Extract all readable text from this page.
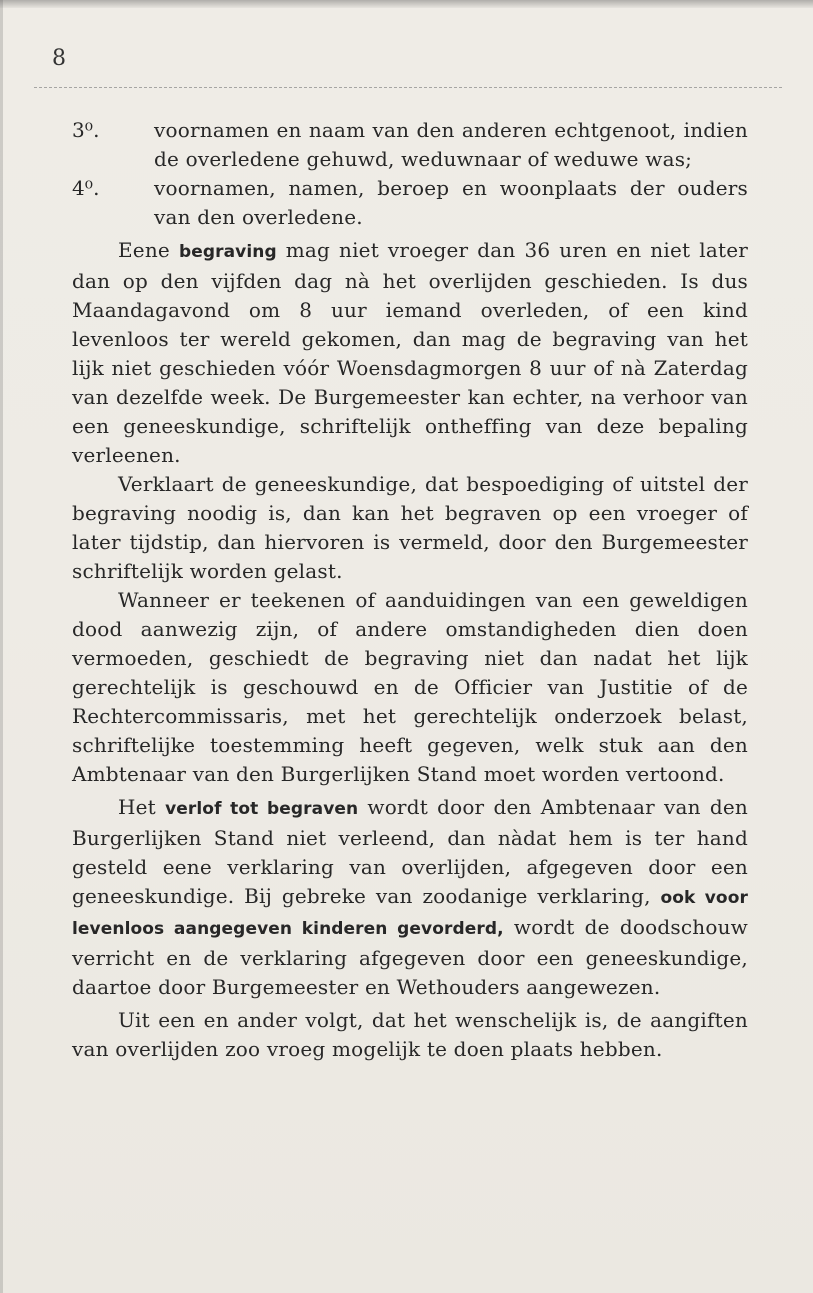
8

3⁰.	voornamen en naam van den anderen echtgenoot, indien de overledene gehuwd, weduwnaar of weduwe was;

4⁰.	voornamen, namen, beroep en woonplaats der ouders van den overledene.

Eene begraving mag niet vroeger dan 36 uren en niet later dan op den vijfden dag nà het overlijden geschieden. Is dus Maandagavond om 8 uur iemand overleden, of een kind levenloos ter wereld gekomen, dan mag de begraving van het lijk niet geschieden vóór Woensdagmorgen 8 uur of nà Zaterdag van dezelfde week. De Burgemeester kan echter, na verhoor van een geneeskundige, schriftelijk ontheffing van deze bepaling verleenen.

Verklaart de geneeskundige, dat bespoediging of uitstel der begraving noodig is, dan kan het begraven op een vroeger of later tijdstip, dan hiervoren is vermeld, door den Burgemeester schriftelijk worden gelast.

Wanneer er teekenen of aanduidingen van een geweldigen dood aanwezig zijn, of andere omstandigheden dien doen vermoeden, geschiedt de begraving niet dan nadat het lijk gerechtelijk is geschouwd en de Officier van Justitie of de Rechtercommissaris, met het gerechtelijk onderzoek belast, schriftelijke toestemming heeft gegeven, welk stuk aan den Ambtenaar van den Burgerlijken Stand moet worden vertoond.

Het verlof tot begraven wordt door den Ambtenaar van den Burgerlijken Stand niet verleend, dan nàdat hem is ter hand gesteld eene verklaring van overlijden, afgegeven door een geneeskundige. Bij gebreke van zoodanige verklaring, ook voor levenloos aangegeven kinderen gevorderd, wordt de doodschouw verricht en de verklaring afgegeven door een geneeskundige, daartoe door Burgemeester en Wethouders aangewezen.

Uit een en ander volgt, dat het wenschelijk is, de aangiften van overlijden zoo vroeg mogelijk te doen plaats hebben.
